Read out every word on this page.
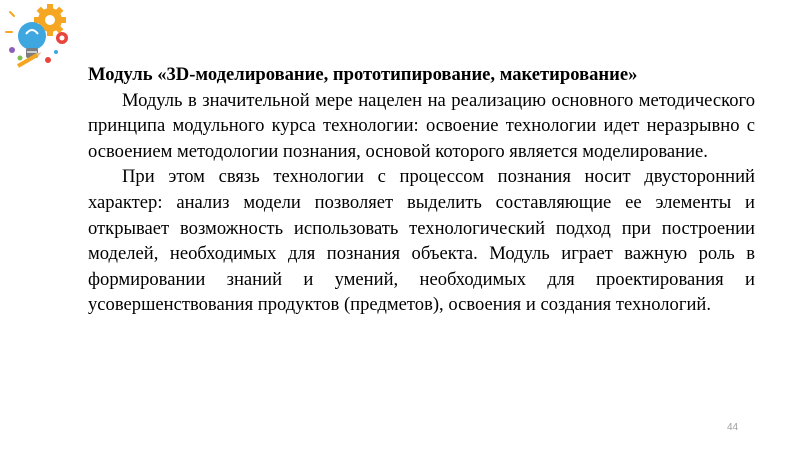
Модуль «3D-моделирование, прототипирование, макетирование»

Модуль в значительной мере нацелен на реализацию основного методического принципа модульного курса технологии: освоение технологии идет неразрывно с освоением методологии познания, основой которого является моделирование.

При этом связь технологии с процессом познания носит двусторонний характер: анализ модели позволяет выделить составляющие ее элементы и открывает возможность использовать технологический подход при построении моделей, необходимых для познания объекта. Модуль играет важную роль в формировании знаний и умений, необходимых для проектирования и усовершенствования продуктов (предметов), освоения и создания технологий.

44
